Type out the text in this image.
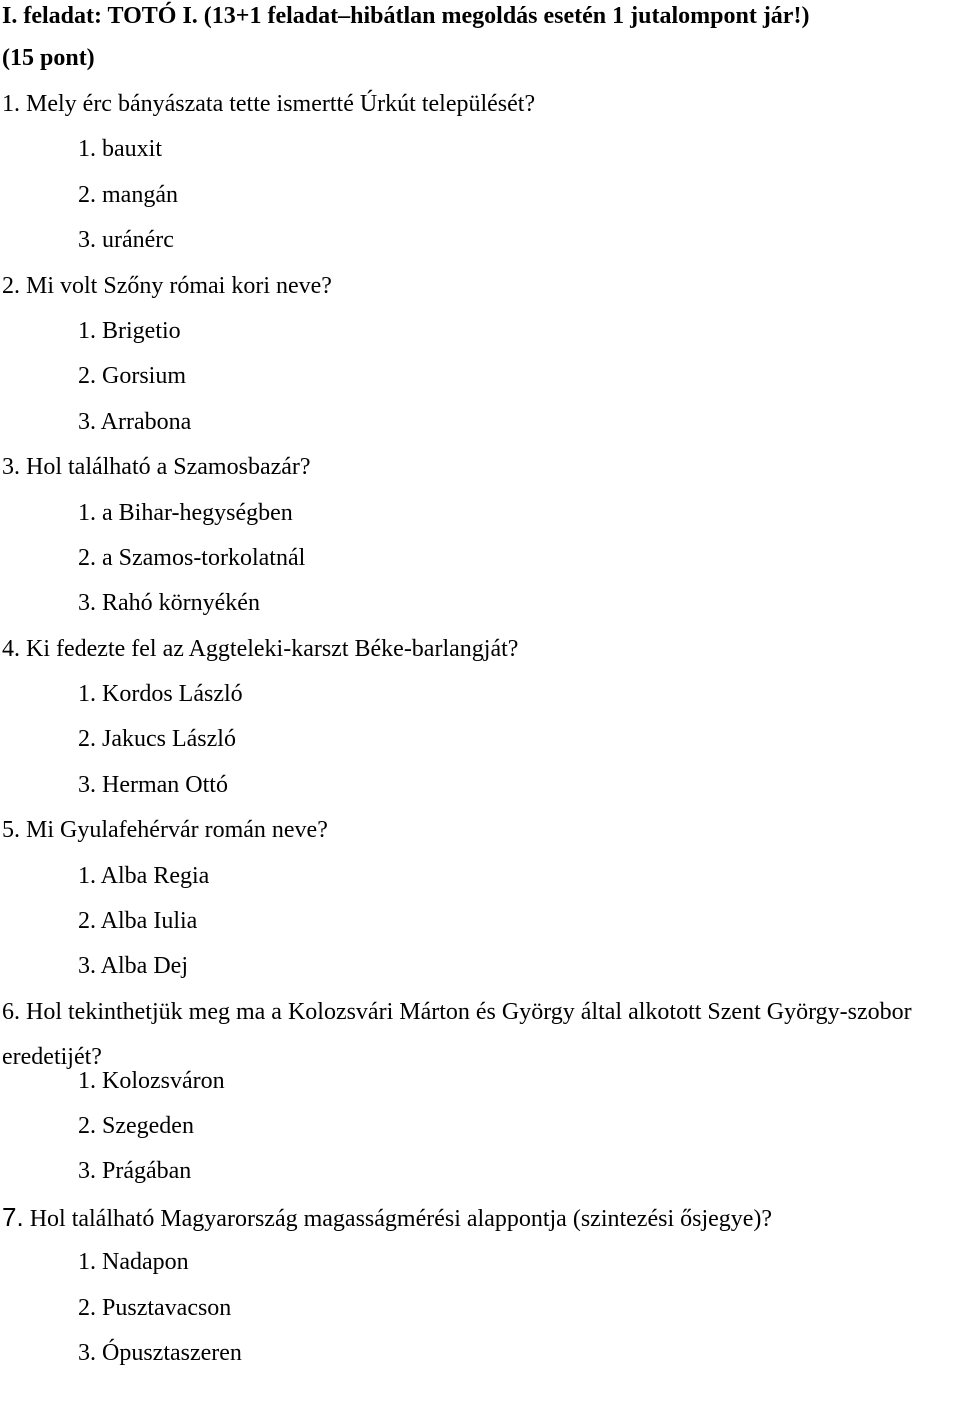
I. feladat: TOTÓ I. (13+1 feladat–hibátlan megoldás esetén 1 jutalompont jár!)
(15 pont)
1. Mely érc bányászata tette ismertté Úrkút települését?
1. bauxit
2. mangán
3. uránérc
2. Mi volt Szőny római kori neve?
1. Brigetio
2. Gorsium
3. Arrabona
3. Hol található a Szamosbazár?
1. a Bihar-hegységben
2. a Szamos-torkolatnál
3. Rahó környékén
4. Ki fedezte fel az Aggteleki-karszt Béke-barlangját?
1. Kordos László
2. Jakucs László
3. Herman Ottó
5. Mi Gyulafehérvár román neve?
1. Alba Regia
2. Alba Iulia
3. Alba Dej
6. Hol tekinthetjük meg ma a Kolozsvári Márton és György által alkotott Szent György-szobor eredetijét?
1. Kolozsváron
2. Szegeden
3. Prágában
7. Hol található Magyarország magasságmérési alappontja (szintezési ősjegye)?
1. Nadapon
2. Pusztavacson
3. Ópusztaszeren
